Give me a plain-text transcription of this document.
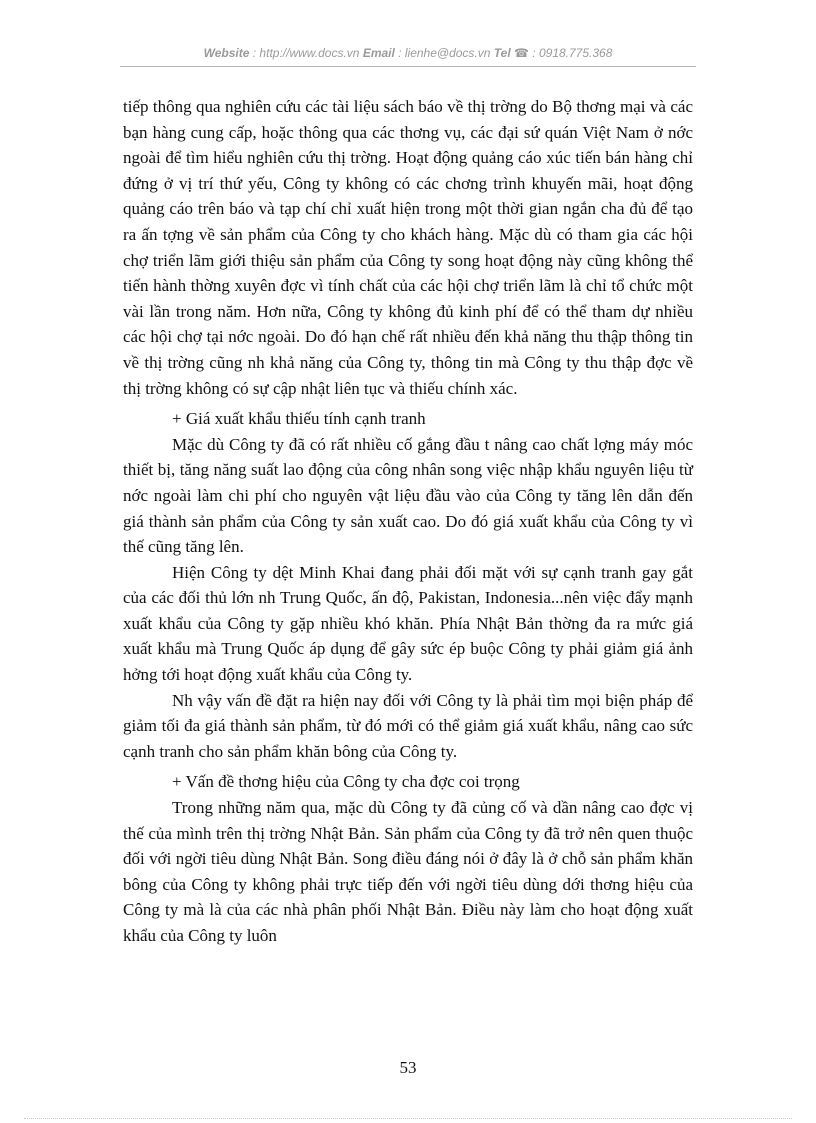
Website : http://www.docs.vn Email : lienhe@docs.vn Tel ☎ : 0918.775.368

tiếp thông qua nghiên cứu các tài liệu sách báo về thị trờng do Bộ thơng mại và các bạn hàng cung cấp, hoặc thông qua các thơng vụ, các đại sứ quán Việt Nam ở nớc ngoài để tìm hiểu nghiên cứu thị trờng. Hoạt động quảng cáo xúc tiến bán hàng chỉ đứng ở vị trí thứ yếu, Công ty không có các chơng trình khuyến mãi, hoạt động quảng cáo trên báo và tạp chí chỉ xuất hiện trong một thời gian ngắn cha đủ để tạo ra ấn tợng về sản phẩm của Công ty cho khách hàng. Mặc dù có tham gia các hội chợ triển lãm giới thiệu sản phẩm của Công ty song hoạt động này cũng không thể tiến hành thờng xuyên đợc vì tính chất của các hội chợ triển lãm là chỉ tổ chức một vài lần trong năm. Hơn nữa, Công ty không đủ kinh phí để có thể tham dự nhiều các hội chợ tại nớc ngoài. Do đó hạn chế rất nhiều đến khả năng thu thập thông tin về thị trờng cũng nh khả năng của Công ty, thông tin mà Công ty thu thập đợc về thị trờng không có sự cập nhật liên tục và thiếu chính xác.

+ Giá xuất khẩu thiếu tính cạnh tranh

Mặc dù Công ty đã có rất nhiều cố gắng đầu t nâng cao chất lợng máy móc thiết bị, tăng năng suất lao động của công nhân song việc nhập khẩu nguyên liệu từ nớc ngoài làm chi phí cho nguyên vật liệu đầu vào của Công ty tăng lên dẫn đến giá thành sản phẩm của Công ty sản xuất cao. Do đó giá xuất khẩu của Công ty vì thế cũng tăng lên.

Hiện Công ty dệt Minh Khai đang phải đối mặt với sự cạnh tranh gay gắt của các đối thủ lớn nh Trung Quốc, ấn độ, Pakistan, Indonesia...nên việc đẩy mạnh xuất khẩu của Công ty gặp nhiều khó khăn. Phía Nhật Bản thờng đa ra mức giá xuất khẩu mà Trung Quốc áp dụng để gây sức ép buộc Công ty phải giảm giá ảnh hởng tới hoạt động xuất khẩu của Công ty.

Nh vậy vấn đề đặt ra hiện nay đối với Công ty là phải tìm mọi biện pháp để giảm tối đa giá thành sản phẩm, từ đó mới có thể giảm giá xuất khẩu, nâng cao sức cạnh tranh cho sản phẩm khăn bông của Công ty.

+ Vấn đề thơng hiệu của Công ty cha đợc coi trọng

Trong những năm qua, mặc dù Công ty đã củng cố và dần nâng cao đợc vị thế của mình trên thị trờng Nhật Bản. Sản phẩm của Công ty đã trở nên quen thuộc đối với ngời tiêu dùng Nhật Bản. Song điều đáng nói ở đây là ở chỗ sản phẩm khăn bông của Công ty không phải trực tiếp đến với ngời tiêu dùng dới thơng hiệu của Công ty mà là của các nhà phân phối Nhật Bản. Điều này làm cho hoạt động xuất khẩu của Công ty luôn

53
